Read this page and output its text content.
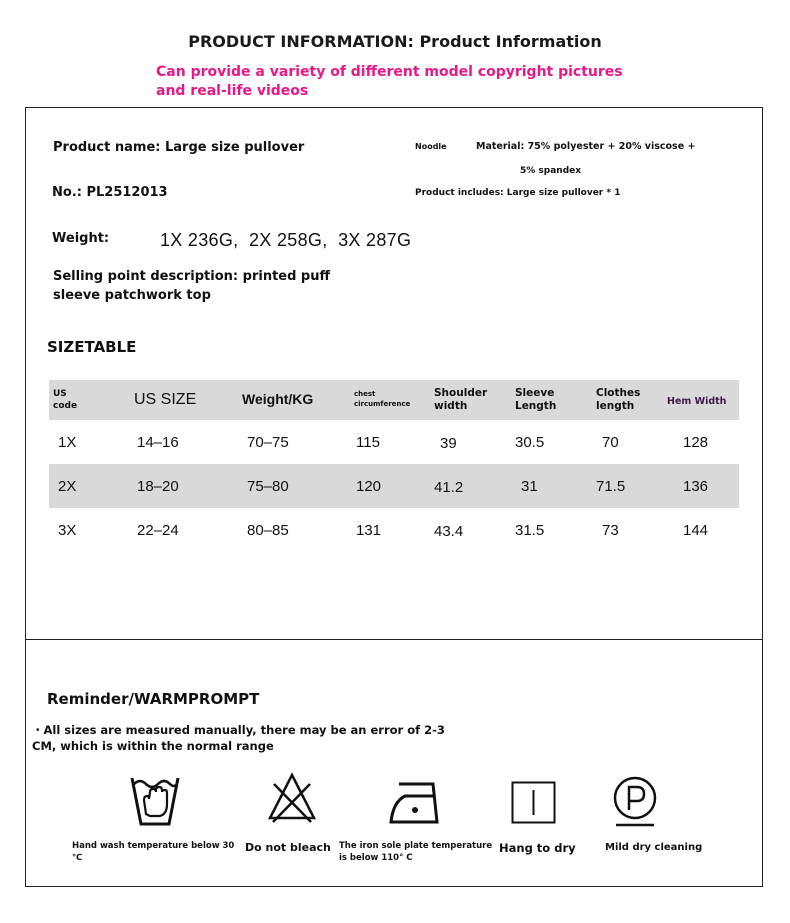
PRODUCT INFORMATION: Product Information
Can provide a variety of different model copyright pictures and real-life videos
Product name: Large size pullover
No.: PL2512013
Weight:	1X 236G,  2X 258G,  3X 287G
Selling point description: printed puff sleeve patchwork top
Noodle	Material: 75% polyester + 20% viscose +
5% spandex
Product includes: Large size pullover * 1
SIZETABLE
US code	US SIZE	Weight/KG	chest circumference	Shoulder width	Sleeve Length	Clothes length	Hem Width
1X	14–16	70–75	115	39	30.5	70	128
2X	18–20	75–80	120	41.2	31	71.5	136
3X	22–24	80–85	131	43.4	31.5	73	144
Reminder/WARMPROMPT
・All sizes are measured manually, there may be an error of 2-3 CM, which is within the normal range
Hand wash temperature below 30 ℃
Do not bleach The iron sole plate temperature is below 110° C
Hang to dry	Mild dry cleaning
